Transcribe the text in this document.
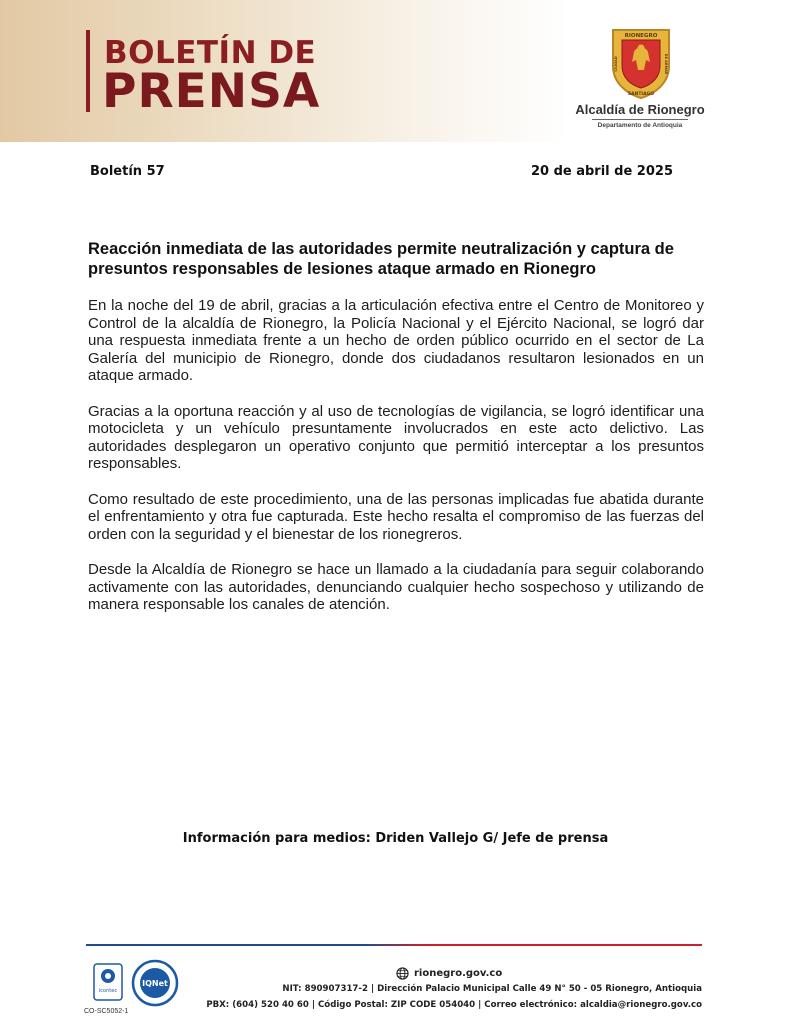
BOLETÍN DE
PRENSA
RIONEGRO
SANTIAGO
CIUDAD	DE ARMAS
Alcaldía de Rionegro
Departamento de Antioquia
Boletín 57	20 de abril de 2025
Reacción inmediata de las autoridades permite neutralización y captura de presuntos responsables de lesiones ataque armado en Rionegro

En la noche del 19 de abril, gracias a la articulación efectiva entre el Centro de Monitoreo y Control de la alcaldía de Rionegro, la Policía Nacional y el Ejército Nacional, se logró dar una respuesta inmediata frente a un hecho de orden público ocurrido en el sector de La Galería del municipio de Rionegro, donde dos ciudadanos resultaron lesionados en un ataque armado.

Gracias a la oportuna reacción y al uso de tecnologías de vigilancia, se logró identificar una motocicleta y un vehículo presuntamente involucrados en este acto delictivo. Las autoridades desplegaron un operativo conjunto que permitió interceptar a los presuntos responsables.

Como resultado de este procedimiento, una de las personas implicadas fue abatida durante el enfrentamiento y otra fue capturada. Este hecho resalta el compromiso de las fuerzas del orden con la seguridad y el bienestar de los rionegreros.

Desde la Alcaldía de Rionegro se hace un llamado a la ciudadanía para seguir colaborando activamente con las autoridades, denunciando cualquier hecho sospechoso y utilizando de manera responsable los canales de atención.

Información para medios: Driden Vallejo G/ Jefe de prensa
icontec
IQNet
CO-SC5052-1
rionegro.gov.co
NIT: 890907317-2 | Dirección Palacio Municipal Calle 49 N° 50 - 05 Rionegro, Antioquia
PBX: (604) 520 40 60 | Código Postal: ZIP CODE 054040 | Correo electrónico: alcaldia@rionegro.gov.co
